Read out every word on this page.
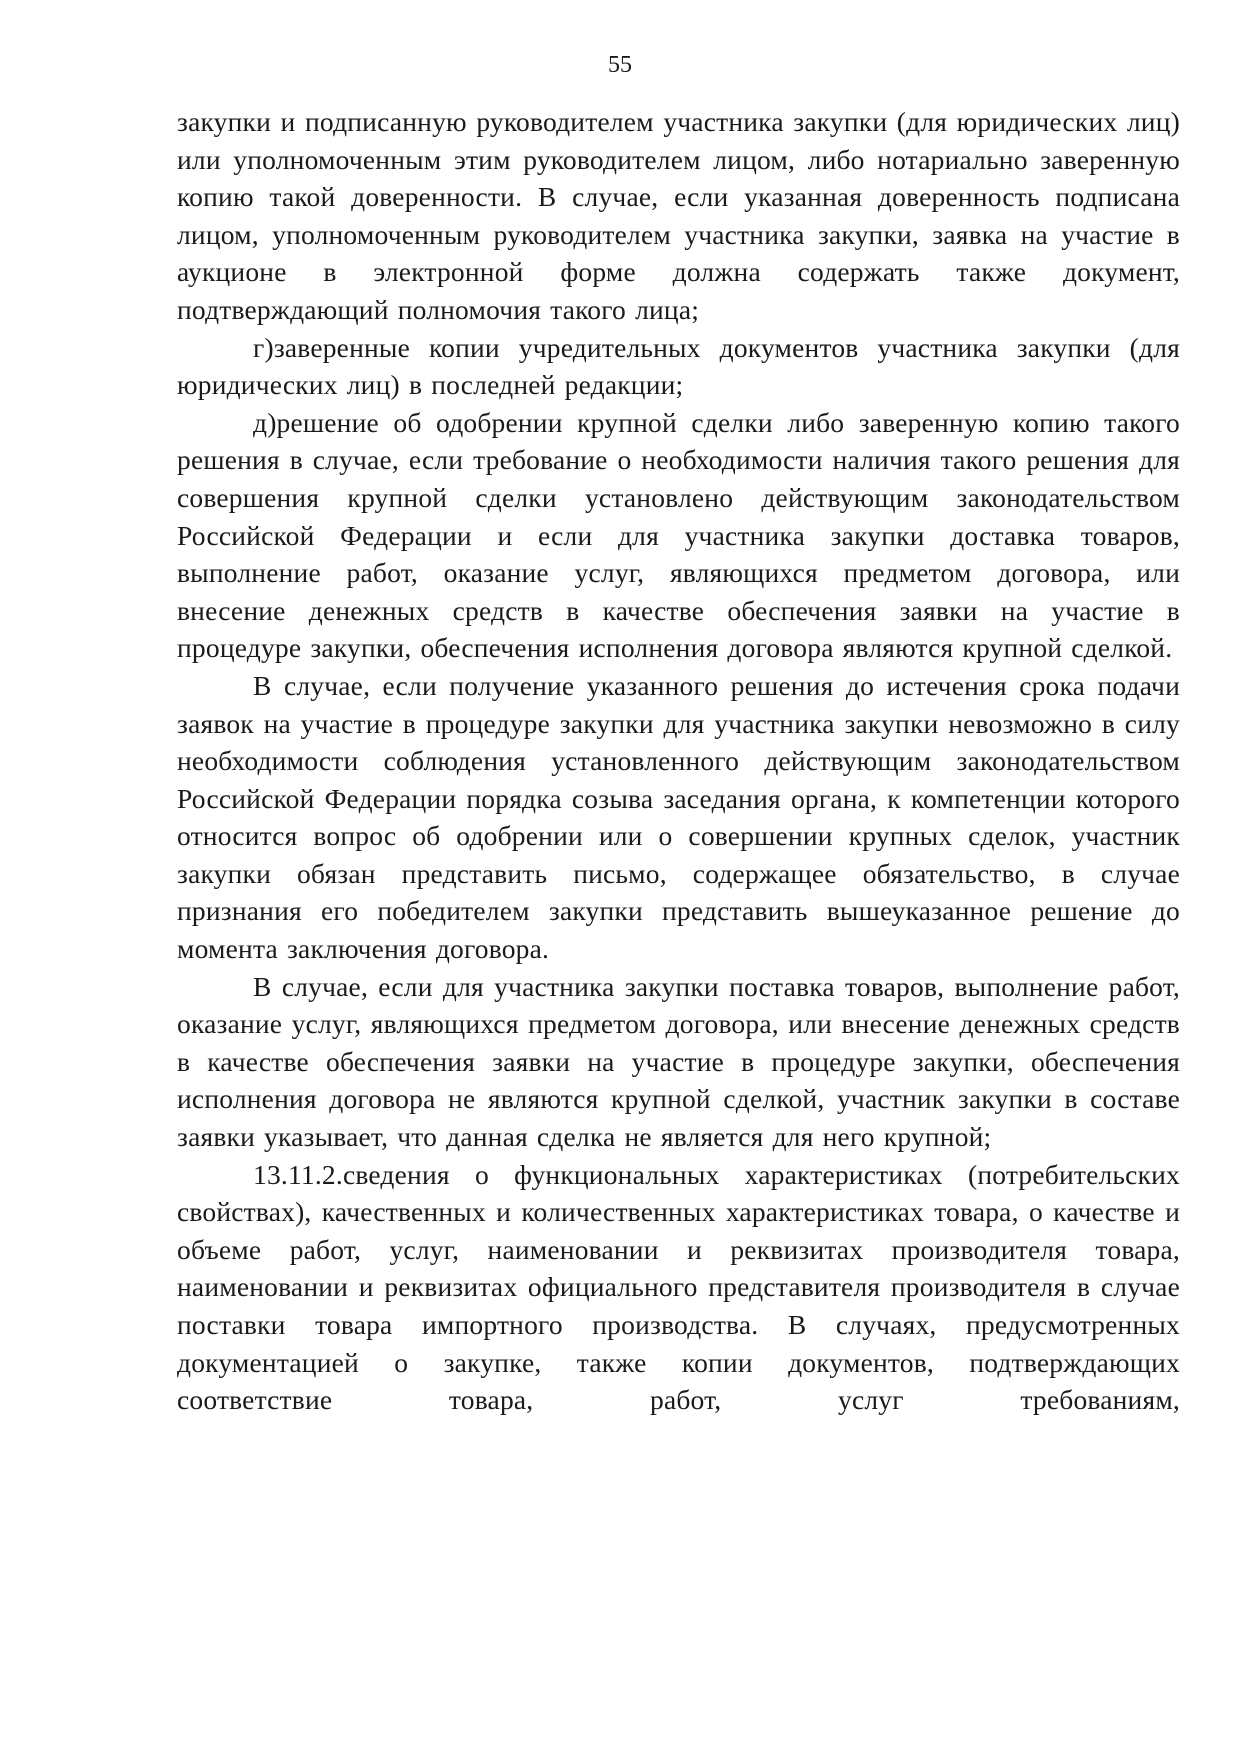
55

закупки и подписанную руководителем участника закупки (для юридических лиц) или уполномоченным этим руководителем лицом, либо нотариально заверенную копию такой доверенности. В случае, если указанная доверенность подписана лицом, уполномоченным руководителем участника закупки, заявка на участие в аукционе в электронной форме должна содержать также документ, подтверждающий полномочия такого лица;

г)заверенные копии учредительных документов участника закупки (для юридических лиц) в последней редакции;

д)решение об одобрении крупной сделки либо заверенную копию такого решения в случае, если требование о необходимости наличия такого решения для совершения крупной сделки установлено действующим законодательством Российской Федерации и если для участника закупки доставка товаров, выполнение работ, оказание услуг, являющихся предметом договора, или внесение денежных средств в качестве обеспечения заявки на участие в процедуре закупки, обеспечения исполнения договора являются крупной сделкой.

В случае, если получение указанного решения до истечения срока подачи заявок на участие в процедуре закупки для участника закупки невозможно в силу необходимости соблюдения установленного действующим законодательством Российской Федерации порядка созыва заседания органа, к компетенции которого относится вопрос об одобрении или о совершении крупных сделок, участник закупки обязан представить письмо, содержащее обязательство, в случае признания его победителем закупки представить вышеуказанное решение до момента заключения договора.

В случае, если для участника закупки поставка товаров, выполнение работ, оказание услуг, являющихся предметом договора, или внесение денежных средств в качестве обеспечения заявки на участие в процедуре закупки, обеспечения исполнения договора не являются крупной сделкой, участник закупки в составе заявки указывает, что данная сделка не является для него крупной;

13.11.2.сведения о функциональных характеристиках (потребительских свойствах), качественных и количественных характеристиках товара, о качестве и объеме работ, услуг, наименовании и реквизитах производителя товара, наименовании и реквизитах официального представителя производителя в случае поставки товара импортного производства. В случаях, предусмотренных документацией о закупке, также копии документов, подтверждающих соответствие товара, работ, услуг требованиям,
